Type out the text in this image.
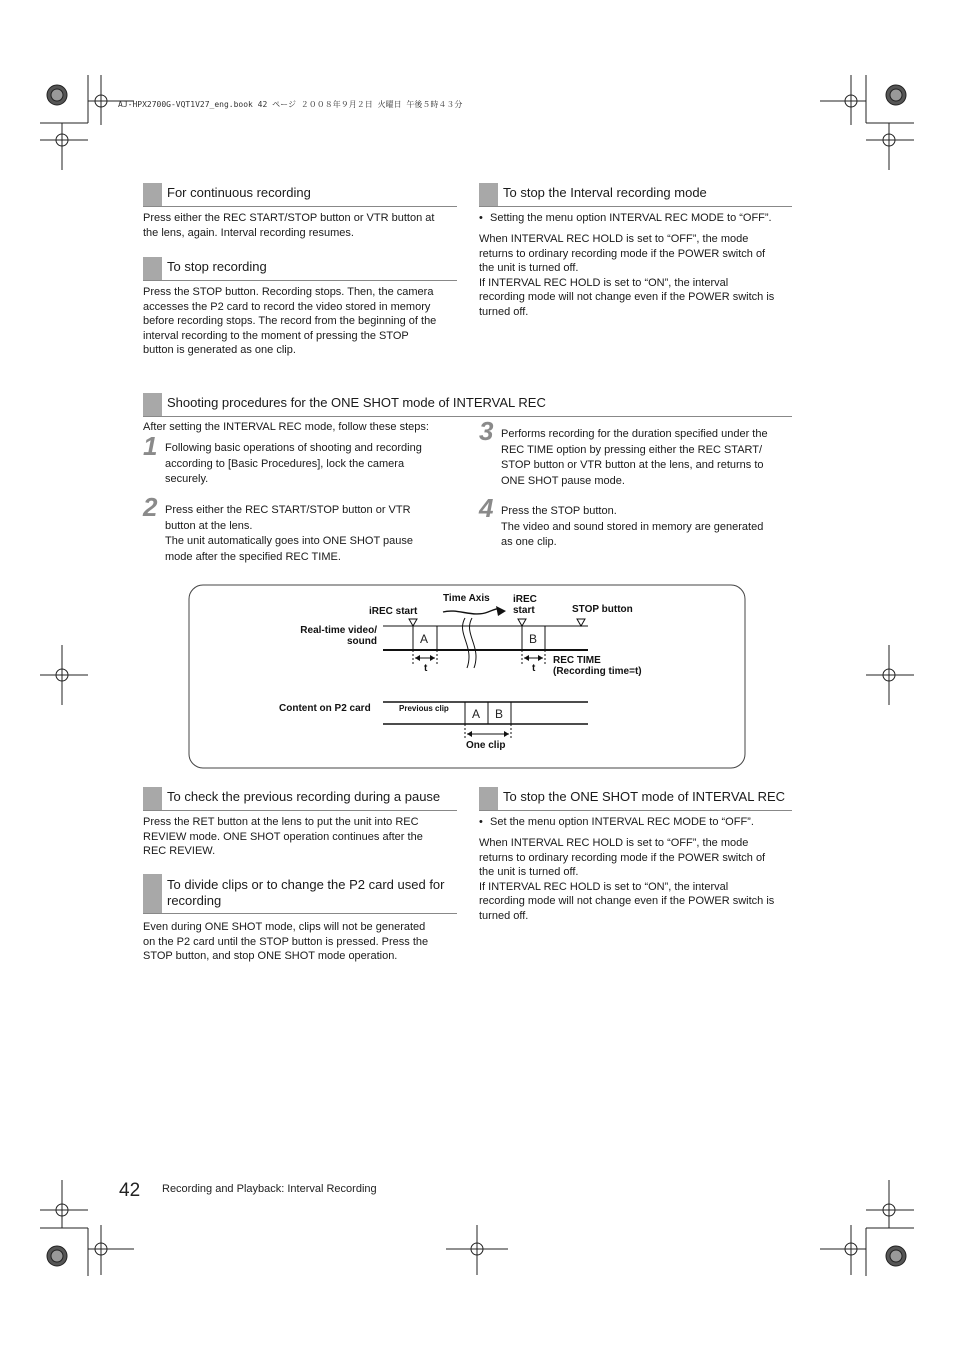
AJ-HPX2700G-VQT1V27_eng.book 42 ページ ２００８年９月２日 火曜日 午後５時４３分
For continuous recording
Press either the REC START/STOP button or VTR button at
the lens, again. Interval recording resumes.
To stop recording
Press the STOP button. Recording stops. Then, the camera
accesses the P2 card to record the video stored in memory
before recording stops. The record from the beginning of the
interval recording to the moment of pressing the STOP
button is generated as one clip.
To stop the Interval recording mode
• Setting the menu option INTERVAL REC MODE to “OFF”.
When INTERVAL REC HOLD is set to “OFF”, the mode
returns to ordinary recording mode if the POWER switch of
the unit is turned off.
If INTERVAL REC HOLD is set to “ON”, the interval
recording mode will not change even if the POWER switch is
turned off.
Shooting procedures for the ONE SHOT mode of INTERVAL REC
After setting the INTERVAL REC mode, follow these steps:
1 Following basic operations of shooting and recording
according to [Basic Procedures], lock the camera
securely.
2 Press either the REC START/STOP button or VTR
button at the lens.
The unit automatically goes into ONE SHOT pause
mode after the specified REC TIME.
3 Performs recording for the duration specified under the
REC TIME option by pressing either the REC START/
STOP button or VTR button at the lens, and returns to
ONE SHOT pause mode.
4 Press the STOP button.
The video and sound stored in memory are generated
as one clip.
Time Axis
iREC start
iREC
start	STOP button
Real-time video/
sound	A	B
t	t
REC TIME
(Recording time=t)
Content on P2 card	Previous clip A B
One clip
To check the previous recording during a pause
Press the RET button at the lens to put the unit into REC
REVIEW mode. ONE SHOT operation continues after the
REC REVIEW.
To divide clips or to change the P2 card used for
recording
Even during ONE SHOT mode, clips will not be generated
on the P2 card until the STOP button is pressed. Press the
STOP button, and stop ONE SHOT mode operation.
To stop the ONE SHOT mode of INTERVAL REC
• Set the menu option INTERVAL REC MODE to “OFF”.
When INTERVAL REC HOLD is set to “OFF”, the mode
returns to ordinary recording mode if the POWER switch of
the unit is turned off.
If INTERVAL REC HOLD is set to “ON”, the interval
recording mode will not change even if the POWER switch is
turned off.
42 Recording and Playback: Interval Recording
